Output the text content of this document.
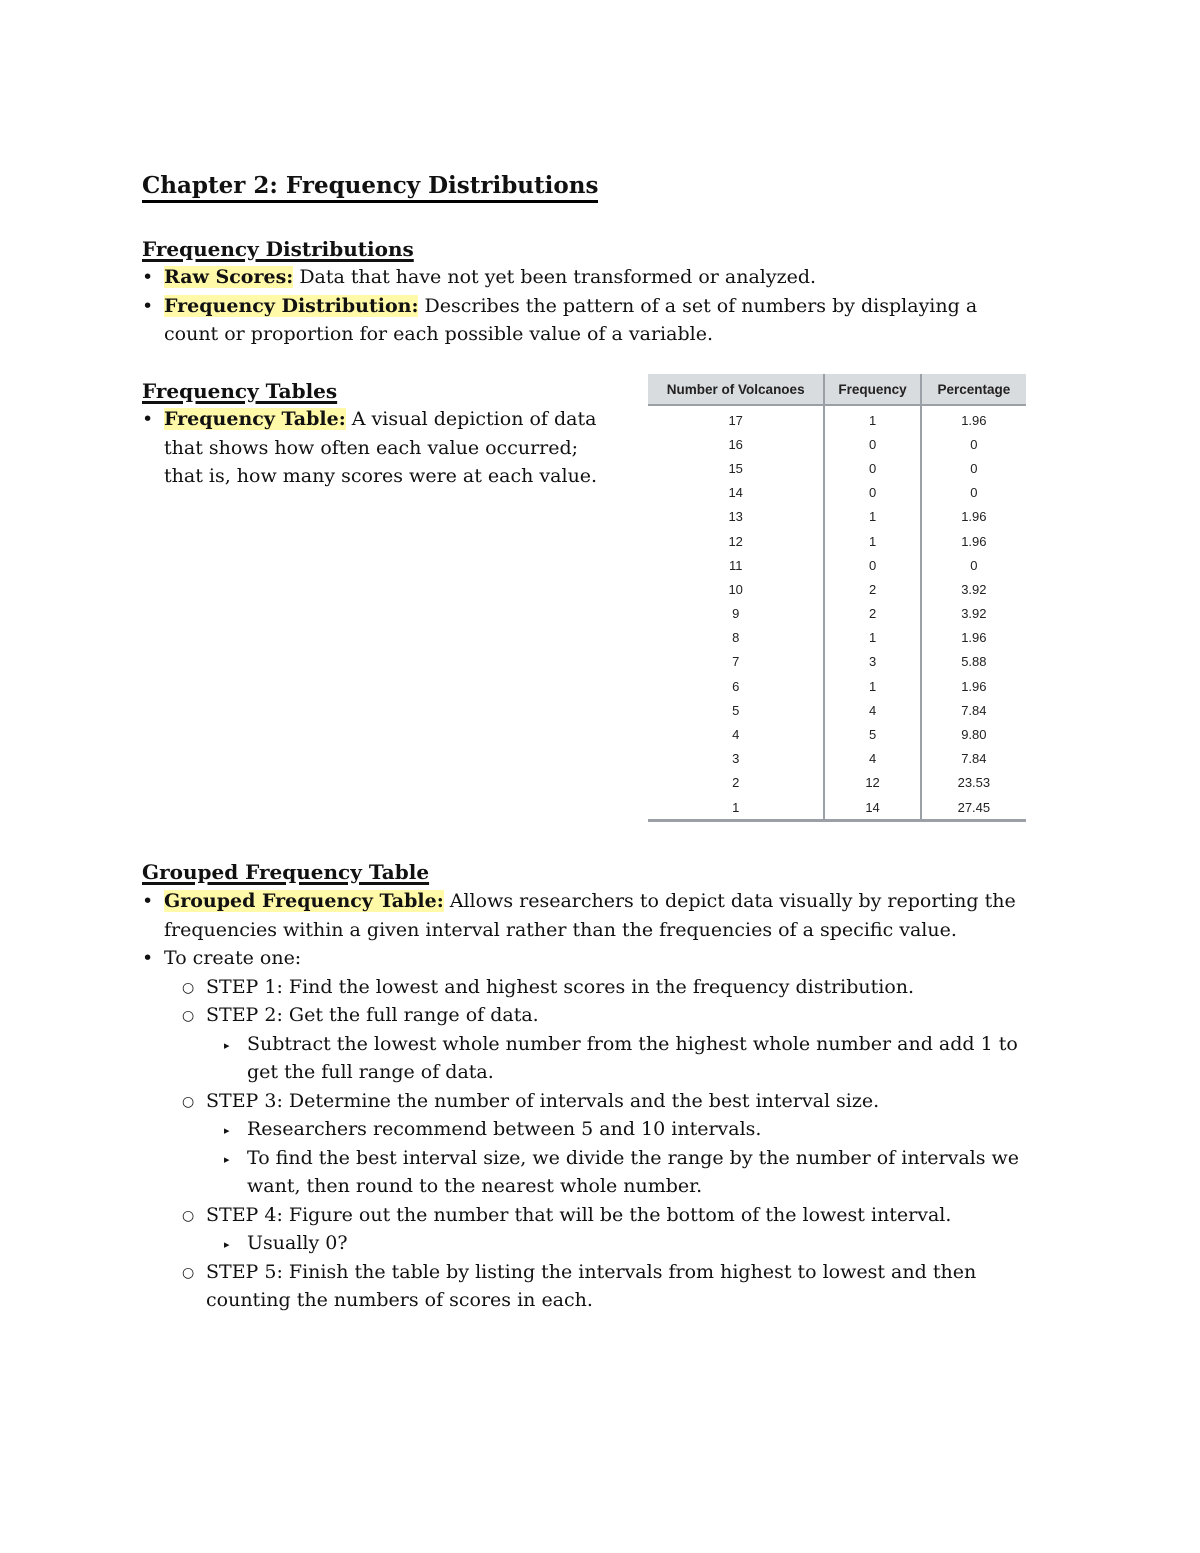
Chapter 2: Frequency Distributions
Frequency Distributions
• Raw Scores: Data that have not yet been transformed or analyzed.
• Frequency Distribution: Describes the pattern of a set of numbers by displaying a
count or proportion for each possible value of a variable.
Frequency Tables
• Frequency Table: A visual depiction of data
that shows how often each value occurred;
that is, how many scores were at each value.
Number of Volcanoes	Frequency	Percentage
17	1	1.96
16	0	0
15	0	0
14	0	0
13	1	1.96
12	1	1.96
11	0	0
10	2	3.92
9	2	3.92
8	1	1.96
7	3	5.88
6	1	1.96
5	4	7.84
4	5	9.80
3	4	7.84
2	12	23.53
1	14	27.45
Grouped Frequency Table
• Grouped Frequency Table: Allows researchers to depict data visually by reporting the
frequencies within a given interval rather than the frequencies of a specific value.
• To create one:
○ STEP 1: Find the lowest and highest scores in the frequency distribution.
○ STEP 2: Get the full range of data.
▸ Subtract the lowest whole number from the highest whole number and add 1 to
get the full range of data.
○ STEP 3: Determine the number of intervals and the best interval size.
▸ Researchers recommend between 5 and 10 intervals.
▸ To find the best interval size, we divide the range by the number of intervals we
want, then round to the nearest whole number.
○ STEP 4: Figure out the number that will be the bottom of the lowest interval.
▸ Usually 0?
○ STEP 5: Finish the table by listing the intervals from highest to lowest and then
counting the numbers of scores in each.
